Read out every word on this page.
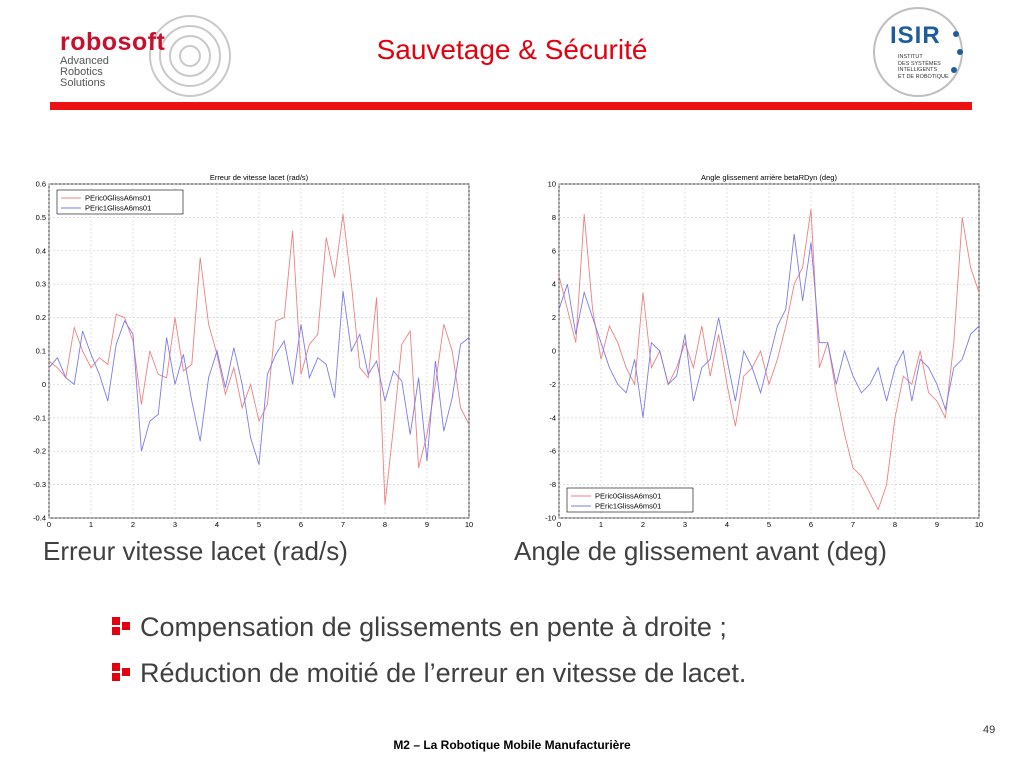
robosoft
Advanced
Robotics
Solutions
Sauvetage & Sécurité	ISIR
INSTITUT
DES SYSTÈMES
INTELLIGENTS
ET DE ROBOTIQUE
0	1	2	3	4	5	6	7	8	9	10
-0.4
-0.3
-0.2
-0.1
0
0.1
0.2
0.3
0.4
0.5
0.6
Erreur de vitesse lacet (rad/s)
PEric0GlissA6ms01
PEric1GlissA6ms01
0	1	2	3	4	5	6	7	8	9	10
-10
-8
-6
-4
-2
0
2
4
6
8
10
Angle glissement arrière betaRDyn (deg)
PEric0GlissA6ms01
PEric1GlissA6ms01
Erreur vitesse lacet (rad/s)	Angle de glissement avant (deg)
Compensation de glissements en pente à droite ;
Réduction de moitié de l’erreur en vitesse de lacet.
49
M2 – La Robotique Mobile Manufacturière
